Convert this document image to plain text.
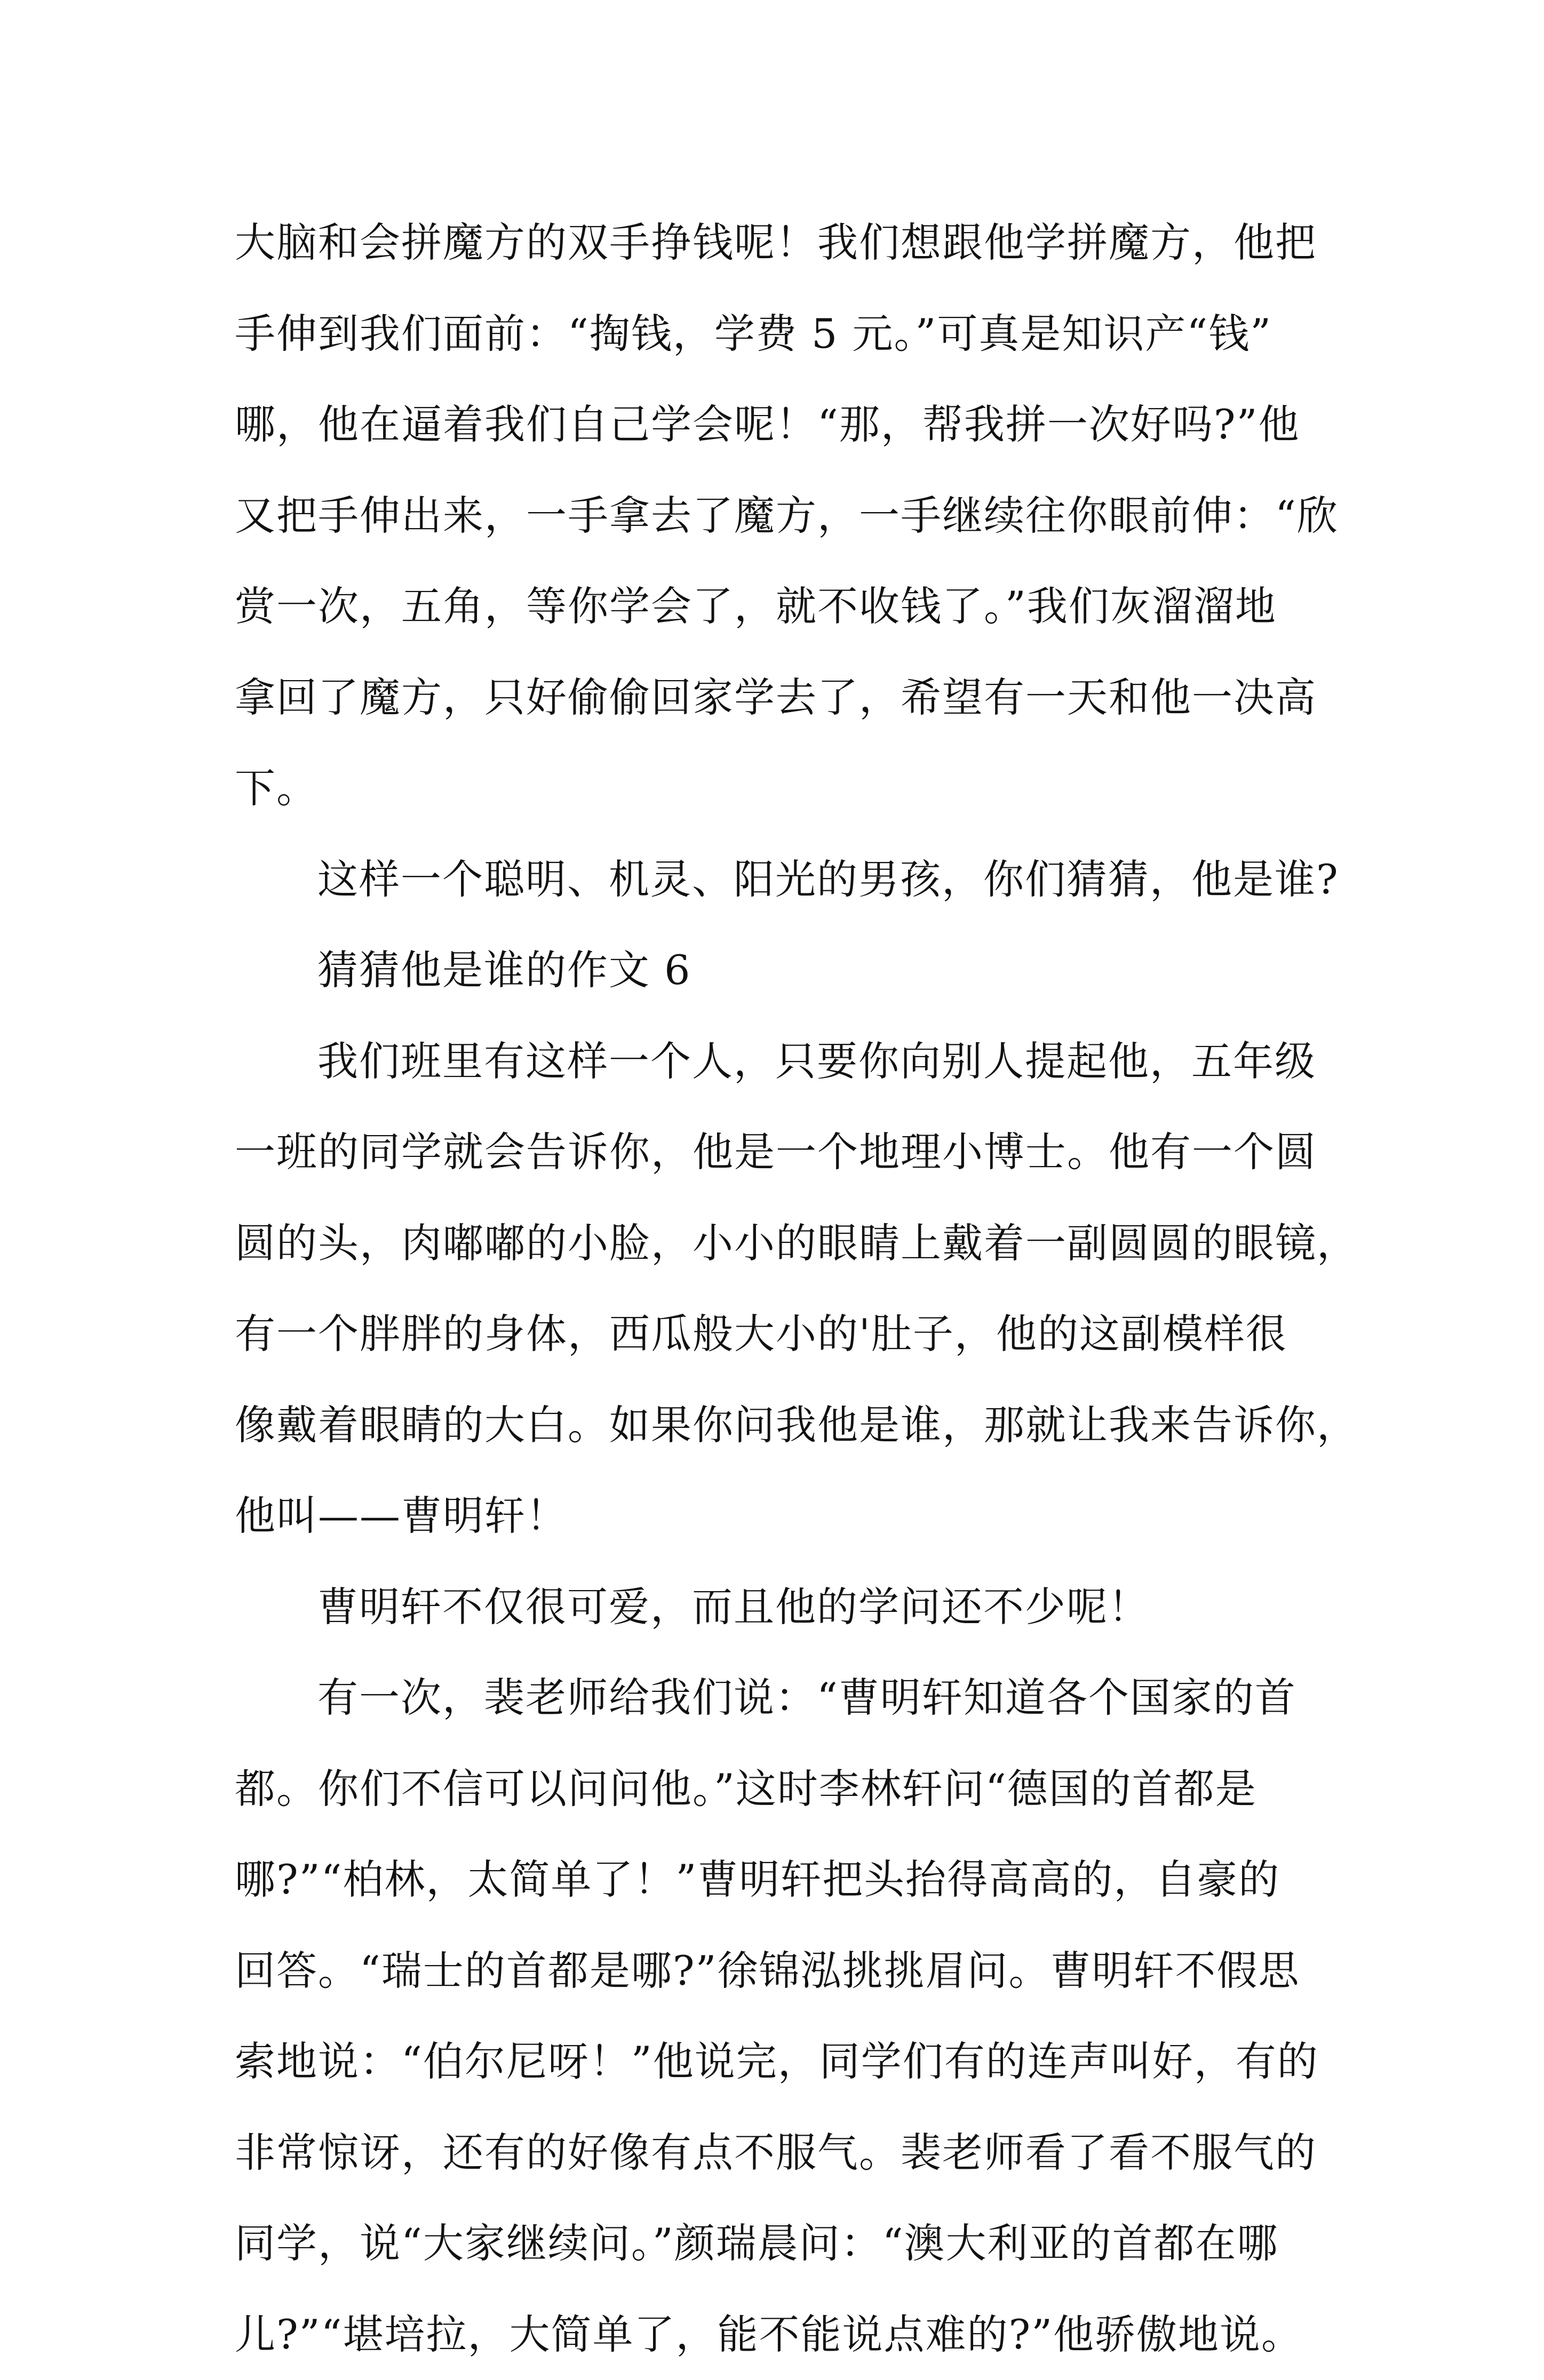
大脑和会拼魔方的双手挣钱呢！我们想跟他学拼魔方，他把
手伸到我们面前：“掏钱，学费 5 元。”可真是知识产“钱”
哪，他在逼着我们自己学会呢！“那，帮我拼一次好吗?”他
又把手伸出来，一手拿去了魔方，一手继续往你眼前伸：“欣
赏一次，五角，等你学会了，就不收钱了。”我们灰溜溜地
拿回了魔方，只好偷偷回家学去了，希望有一天和他一决高
下。
这样一个聪明、机灵、阳光的男孩，你们猜猜，他是谁?
猜猜他是谁的作文 6
我们班里有这样一个人，只要你向别人提起他，五年级
一班的同学就会告诉你，他是一个地理小博士。他有一个圆
圆的头，肉嘟嘟的小脸，小小的眼睛上戴着一副圆圆的眼镜，
有一个胖胖的身体，西瓜般大小的'肚子，他的这副模样很
像戴着眼睛的大白。如果你问我他是谁，那就让我来告诉你，
他叫——曹明轩！
曹明轩不仅很可爱，而且他的学问还不少呢！
有一次，裴老师给我们说：“曹明轩知道各个国家的首
都。你们不信可以问问他。”这时李林轩问“德国的首都是
哪?”“柏林，太简单了！”曹明轩把头抬得高高的，自豪的
回答。“瑞士的首都是哪?”徐锦泓挑挑眉问。曹明轩不假思
索地说：“伯尔尼呀！”他说完，同学们有的连声叫好，有的
非常惊讶，还有的好像有点不服气。裴老师看了看不服气的
同学，说“大家继续问。”颜瑞晨问：“澳大利亚的首都在哪
儿?”“堪培拉，大简单了，能不能说点难的?”他骄傲地说。
